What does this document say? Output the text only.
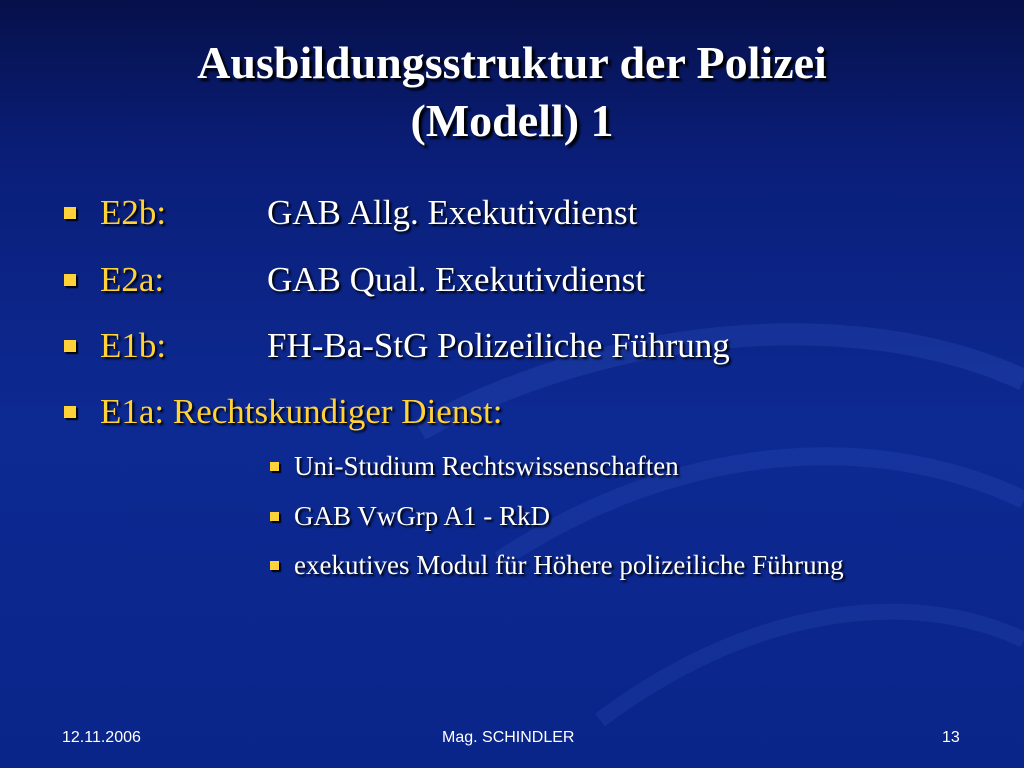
Ausbildungsstruktur der Polizei
(Modell) 1
E2b:	GAB Allg. Exekutivdienst
E2a:	GAB Qual. Exekutivdienst
E1b:	FH-Ba-StG Polizeiliche Führung
E1a: Rechtskundiger Dienst:
Uni-Studium Rechtswissenschaften
GAB VwGrp A1 - RkD
exekutives Modul für Höhere polizeiliche Führung
12.11.2006	Mag. SCHINDLER	13
